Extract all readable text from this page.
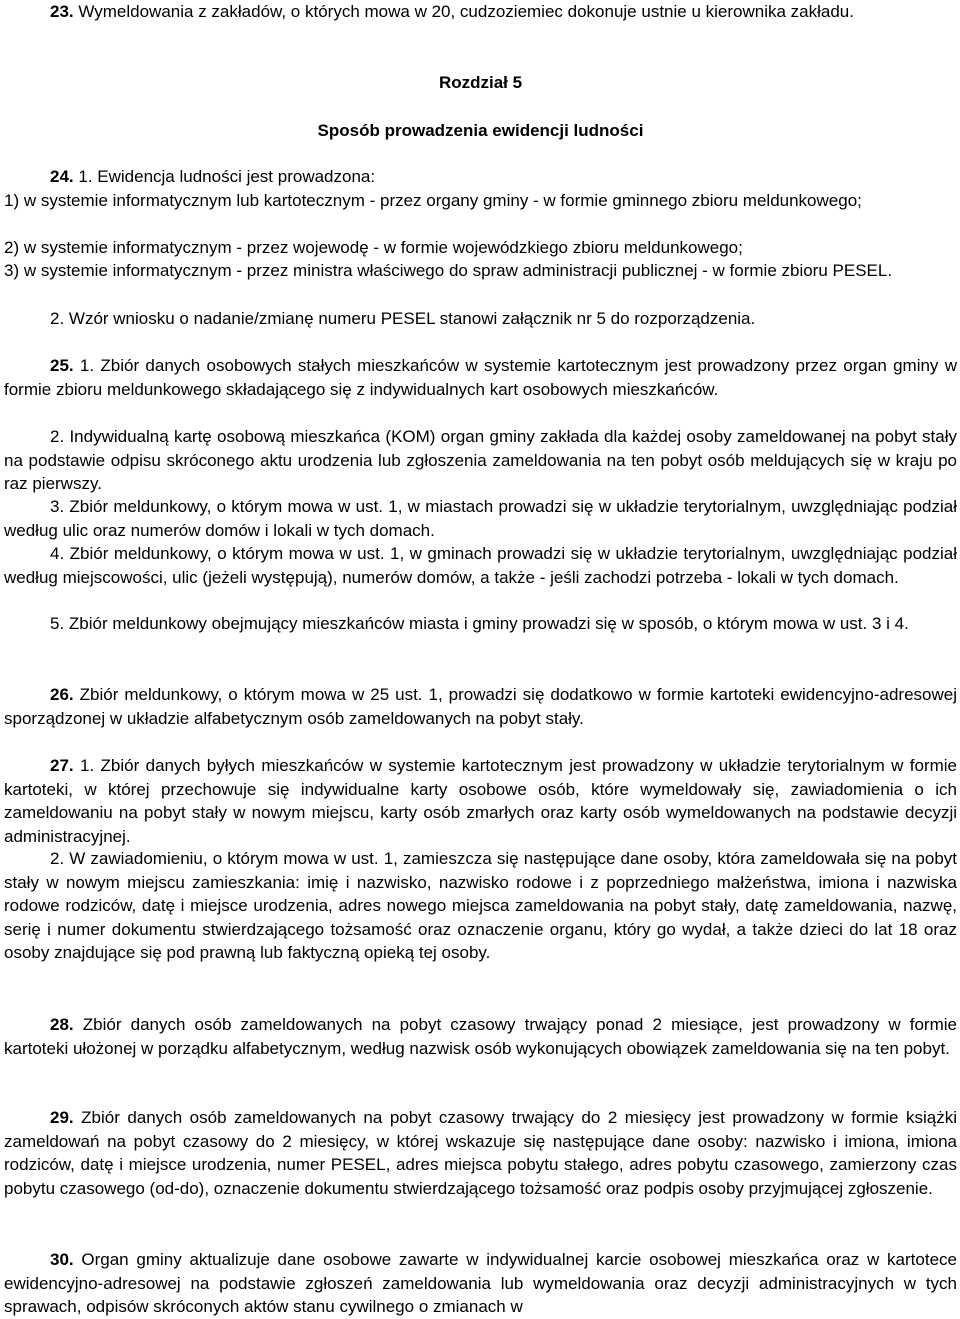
23. Wymeldowania z zakładów, o których mowa w 20, cudzoziemiec dokonuje ustnie u kierownika zakładu.

Rozdział 5

Sposób prowadzenia ewidencji ludności

24. 1. Ewidencja ludności jest prowadzona:

1) w systemie informatycznym lub kartotecznym - przez organy gminy - w formie gminnego zbioru meldunkowego;

2) w systemie informatycznym - przez wojewodę - w formie wojewódzkiego zbioru meldunkowego;

3) w systemie informatycznym - przez ministra właściwego do spraw administracji publicznej - w formie zbioru PESEL.

2. Wzór wniosku o nadanie/zmianę numeru PESEL stanowi załącznik nr 5 do rozporządzenia.

25. 1. Zbiór danych osobowych stałych mieszkańców w systemie kartotecznym jest prowadzony przez organ gminy w formie zbioru meldunkowego składającego się z indywidualnych kart osobowych mieszkańców.

2. Indywidualną kartę osobową mieszkańca (KOM) organ gminy zakłada dla każdej osoby zameldowanej na pobyt stały na podstawie odpisu skróconego aktu urodzenia lub zgłoszenia zameldowania na ten pobyt osób meldujących się w kraju po raz pierwszy.

3. Zbiór meldunkowy, o którym mowa w ust. 1, w miastach prowadzi się w układzie terytorialnym, uwzględniając podział według ulic oraz numerów domów i lokali w tych domach.

4. Zbiór meldunkowy, o którym mowa w ust. 1, w gminach prowadzi się w układzie terytorialnym, uwzględniając podział według miejscowości, ulic (jeżeli występują), numerów domów, a także - jeśli zachodzi potrzeba - lokali w tych domach.

5. Zbiór meldunkowy obejmujący mieszkańców miasta i gminy prowadzi się w sposób, o którym mowa w ust. 3 i 4.

26. Zbiór meldunkowy, o którym mowa w 25 ust. 1, prowadzi się dodatkowo w formie kartoteki ewidencyjno-adresowej sporządzonej w układzie alfabetycznym osób zameldowanych na pobyt stały.

27. 1. Zbiór danych byłych mieszkańców w systemie kartotecznym jest prowadzony w układzie terytorialnym w formie kartoteki, w której przechowuje się indywidualne karty osobowe osób, które wymeldowały się, zawiadomienia o ich zameldowaniu na pobyt stały w nowym miejscu, karty osób zmarłych oraz karty osób wymeldowanych na podstawie decyzji administracyjnej.

2. W zawiadomieniu, o którym mowa w ust. 1, zamieszcza się następujące dane osoby, która zameldowała się na pobyt stały w nowym miejscu zamieszkania: imię i nazwisko, nazwisko rodowe i z poprzedniego małżeństwa, imiona i nazwiska rodowe rodziców, datę i miejsce urodzenia, adres nowego miejsca zameldowania na pobyt stały, datę zameldowania, nazwę, serię i numer dokumentu stwierdzającego tożsamość oraz oznaczenie organu, który go wydał, a także dzieci do lat 18 oraz osoby znajdujące się pod prawną lub faktyczną opieką tej osoby.

28. Zbiór danych osób zameldowanych na pobyt czasowy trwający ponad 2 miesiące, jest prowadzony w formie kartoteki ułożonej w porządku alfabetycznym, według nazwisk osób wykonujących obowiązek zameldowania się na ten pobyt.

29. Zbiór danych osób zameldowanych na pobyt czasowy trwający do 2 miesięcy jest prowadzony w formie książki zameldowań na pobyt czasowy do 2 miesięcy, w której wskazuje się następujące dane osoby: nazwisko i imiona, imiona rodziców, datę i miejsce urodzenia, numer PESEL, adres miejsca pobytu stałego, adres pobytu czasowego, zamierzony czas pobytu czasowego (od-do), oznaczenie dokumentu stwierdzającego tożsamość oraz podpis osoby przyjmującej zgłoszenie.

30. Organ gminy aktualizuje dane osobowe zawarte w indywidualnej karcie osobowej mieszkańca oraz w kartotece ewidencyjno-adresowej na podstawie zgłoszeń zameldowania lub wymeldowania oraz decyzji administracyjnych w tych sprawach, odpisów skróconych aktów stanu cywilnego o zmianach w
